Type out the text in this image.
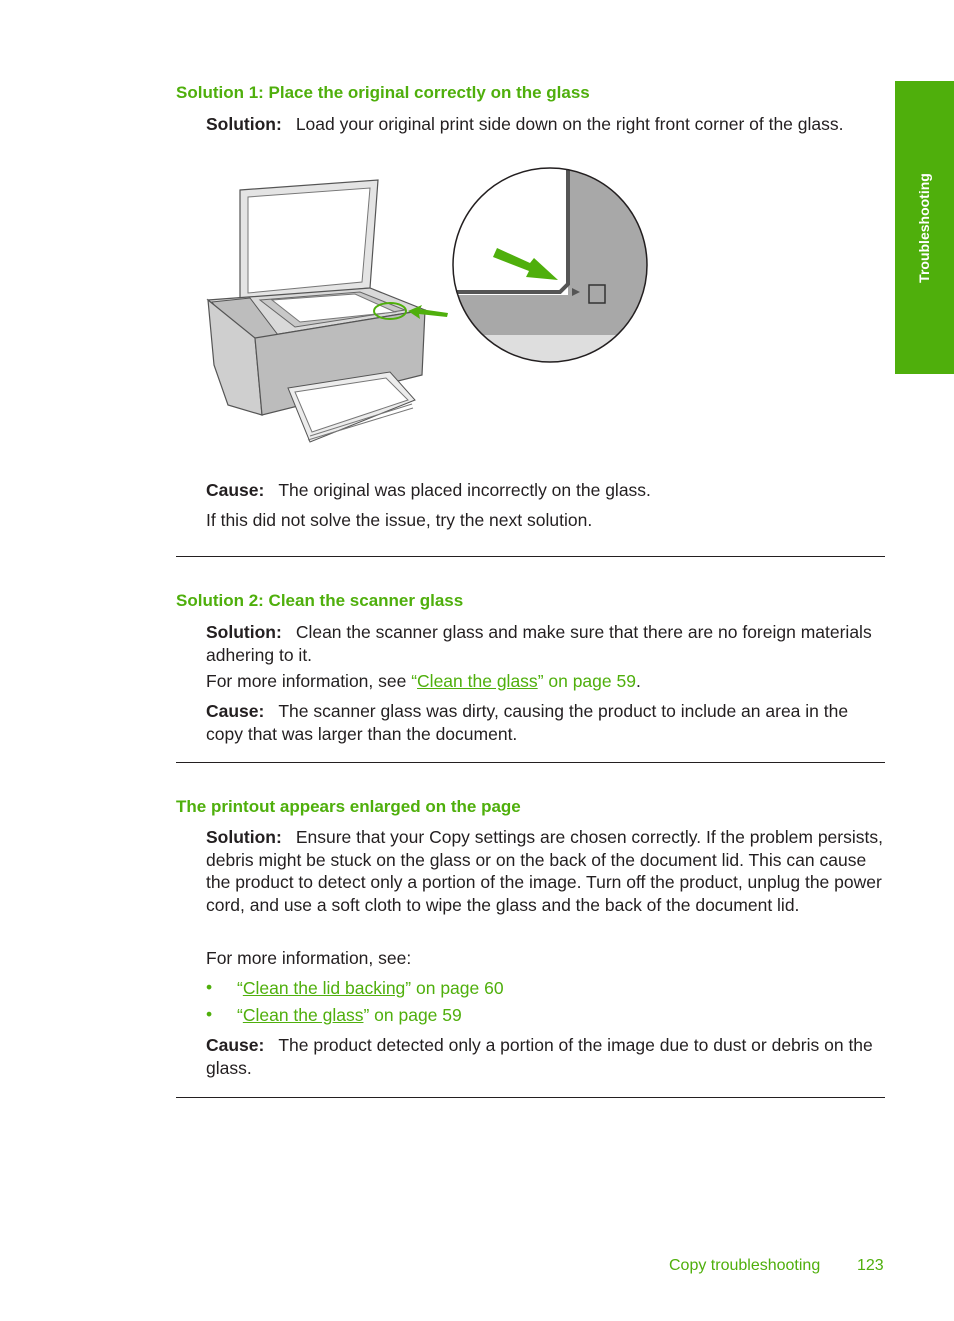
Troubleshooting
Solution 1: Place the original correctly on the glass

Solution: Load your original print side down on the right front corner of the glass.

Cause: The original was placed incorrectly on the glass.

If this did not solve the issue, try the next solution.

Solution 2: Clean the scanner glass

Solution: Clean the scanner glass and make sure that there are no foreign materials adhering to it.

For more information, see “Clean the glass” on page 59.

Cause: The scanner glass was dirty, causing the product to include an area in the copy that was larger than the document.

The printout appears enlarged on the page

Solution: Ensure that your Copy settings are chosen correctly. If the problem persists, debris might be stuck on the glass or on the back of the document lid. This can cause the product to detect only a portion of the image. Turn off the product, unplug the power cord, and use a soft cloth to wipe the glass and the back of the document lid.

For more information, see:

• “Clean the lid backing” on page 60

• “Clean the glass” on page 59

Cause: The product detected only a portion of the image due to dust or debris on the glass.

Copy troubleshooting 123
